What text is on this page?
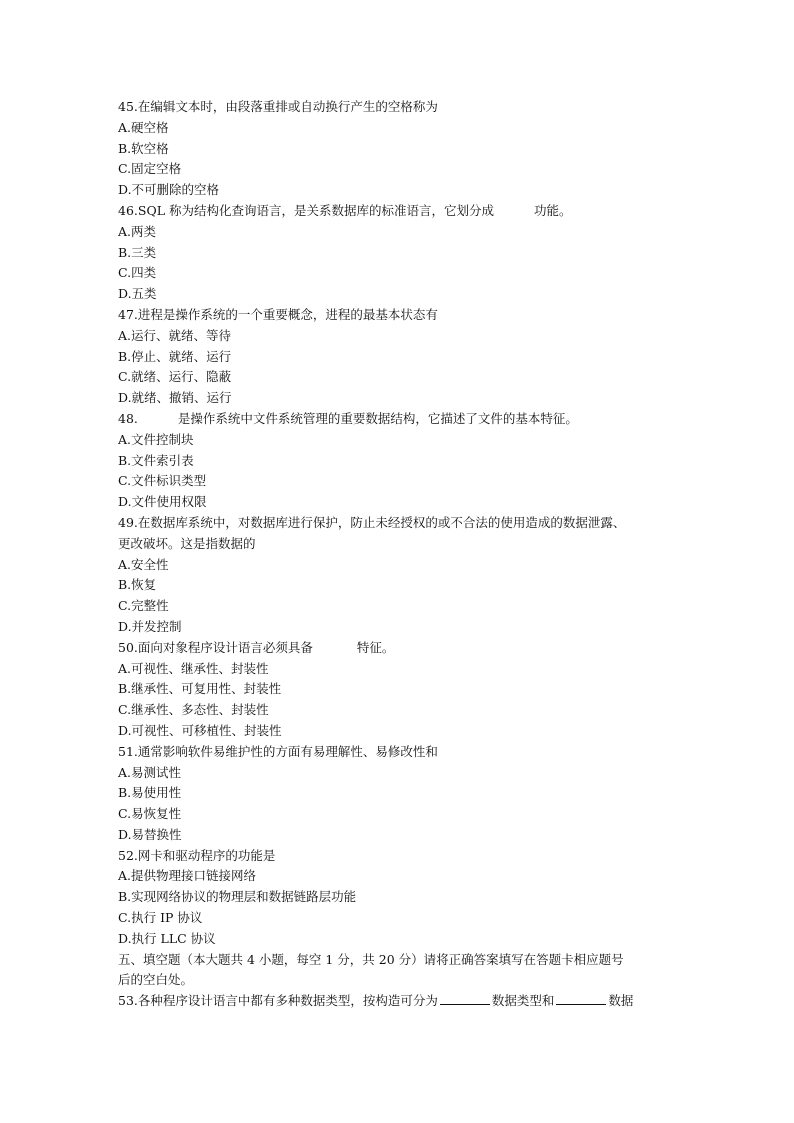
45.在编辑文本时，由段落重排或自动换行产生的空格称为
A.硬空格
B.软空格
C.固定空格
D.不可删除的空格
46.SQL 称为结构化查询语言，是关系数据库的标准语言，它划分成	功能。
A.两类
B.三类
C.四类
D.五类
47.进程是操作系统的一个重要概念，进程的最基本状态有
A.运行、就绪、等待
B.停止、就绪、运行
C.就绪、运行、隐蔽
D.就绪、撤销、运行
48.	是操作系统中文件系统管理的重要数据结构，它描述了文件的基本特征。
A.文件控制块
B.文件索引表
C.文件标识类型
D.文件使用权限
49.在数据库系统中，对数据库进行保护，防止未经授权的或不合法的使用造成的数据泄露、
更改破坏。这是指数据的
A.安全性
B.恢复
C.完整性
D.并发控制
50.面向对象程序设计语言必须具备	特征。
A.可视性、继承性、封装性
B.继承性、可复用性、封装性
C.继承性、多态性、封装性
D.可视性、可移植性、封装性
51.通常影响软件易维护性的方面有易理解性、易修改性和
A.易测试性
B.易使用性
C.易恢复性
D.易替换性
52.网卡和驱动程序的功能是
A.提供物理接口链接网络
B.实现网络协议的物理层和数据链路层功能
C.执行 IP 协议
D.执行 LLC 协议
五、填空题（本大题共 4 小题，每空 1 分，共 20 分）请将正确答案填写在答题卡相应题号
后的空白处。
53.各种程序设计语言中都有多种数据类型，按构造可分为	数据类型和	数据
